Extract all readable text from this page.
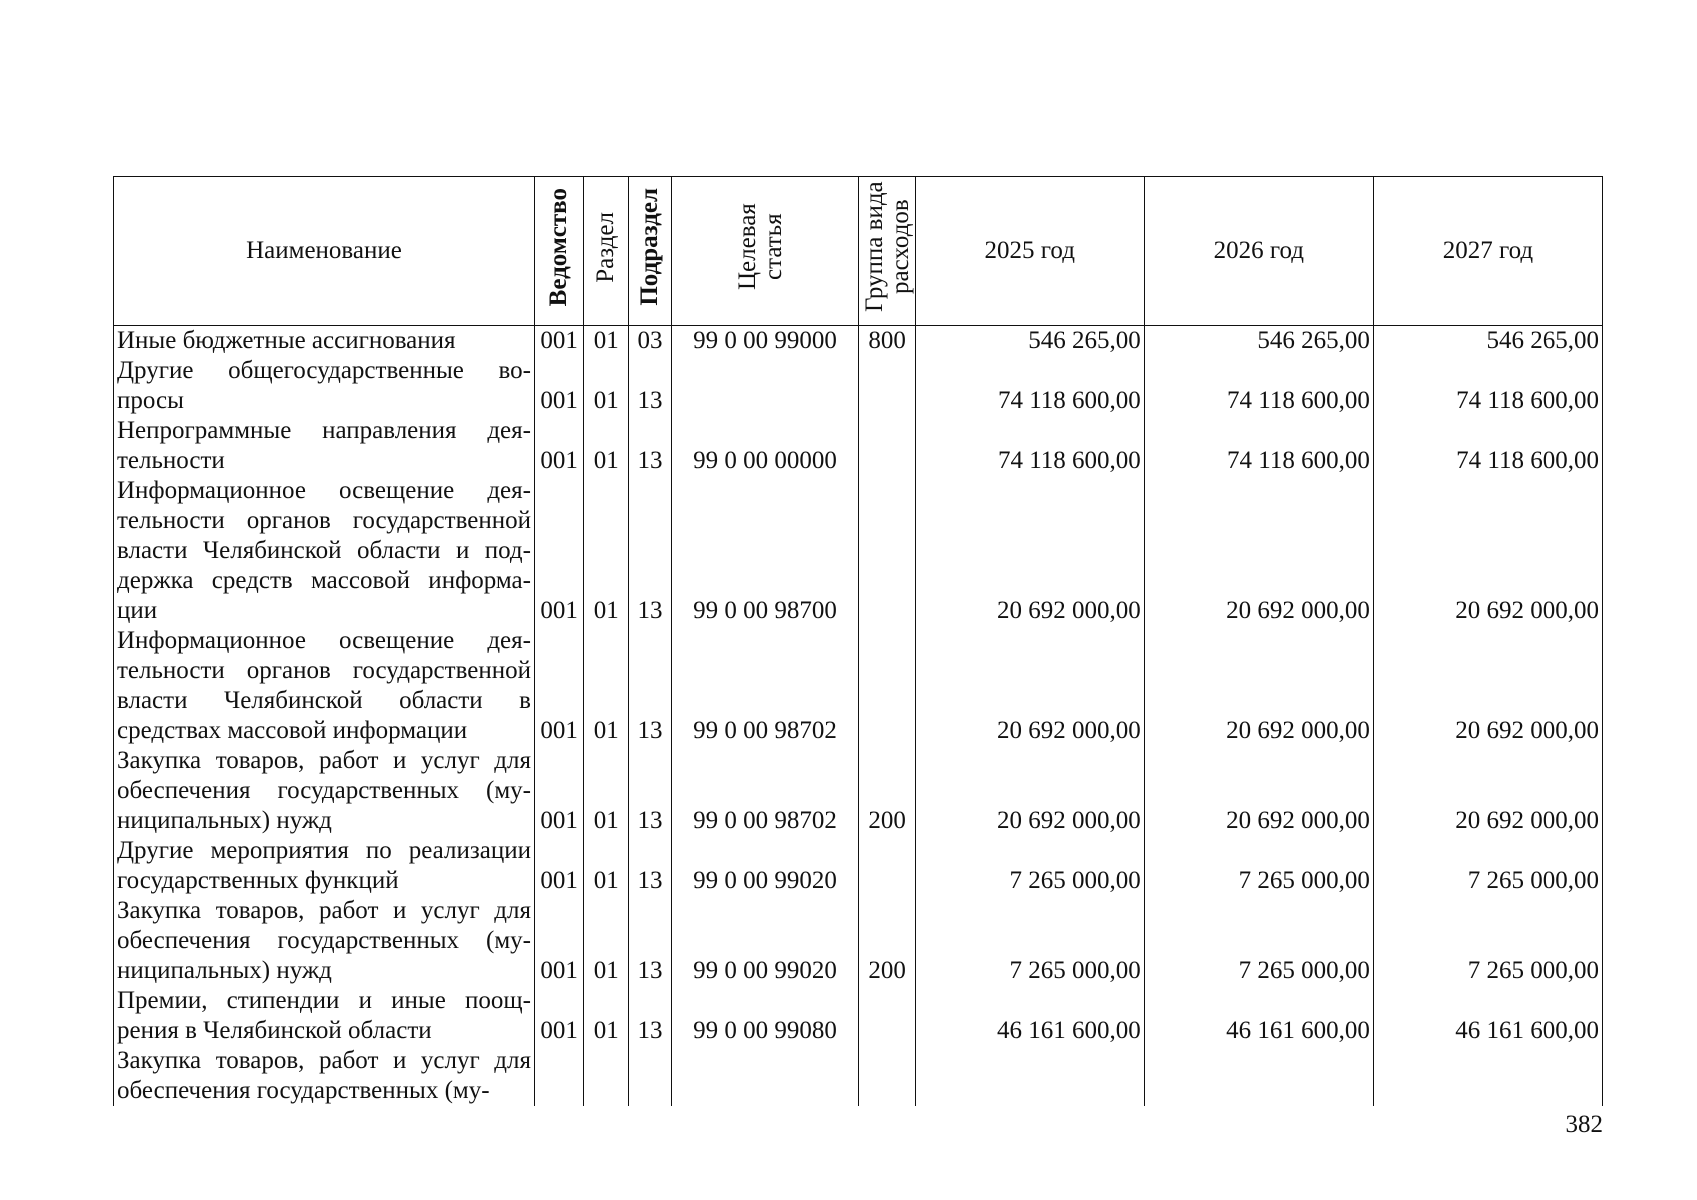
Наименование	Ведомство	Раздел	Подраздел	Целевая статья	Группа вида расходов	2025 год	2026 год	2027 год
Иные бюджетные ассигнования	001	01	03	99 0 00 99000	800	546 265,00	546 265,00	546 265,00
Другие общегосударственные во-просы	001	01	13			74 118 600,00	74 118 600,00	74 118 600,00
Непрограммные направления дея-тельности	001	01	13	99 0 00 00000		74 118 600,00	74 118 600,00	74 118 600,00
Информационное освещение дея-тельности органов государственной власти Челябинской области и под-держка средств массовой информа-ции	001	01	13	99 0 00 98700		20 692 000,00	20 692 000,00	20 692 000,00
Информационное освещение дея-тельности органов государственной власти Челябинской области в средствах массовой информации	001	01	13	99 0 00 98702		20 692 000,00	20 692 000,00	20 692 000,00
Закупка товаров, работ и услуг для обеспечения государственных (му-ниципальных) нужд	001	01	13	99 0 00 98702	200	20 692 000,00	20 692 000,00	20 692 000,00
Другие мероприятия по реализации государственных функций	001	01	13	99 0 00 99020		7 265 000,00	7 265 000,00	7 265 000,00
Закупка товаров, работ и услуг для обеспечения государственных (му-ниципальных) нужд	001	01	13	99 0 00 99020	200	7 265 000,00	7 265 000,00	7 265 000,00
Премии, стипендии и иные поощ-рения в Челябинской области	001	01	13	99 0 00 99080		46 161 600,00	46 161 600,00	46 161 600,00
Закупка товаров, работ и услуг для обеспечения государственных (му-								
382
